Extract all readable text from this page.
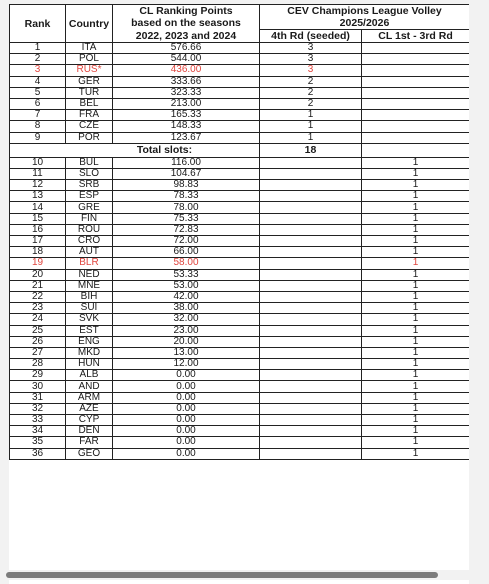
Rank	Country	CL Ranking Points	CEV Champions League Volley	
		based on the seasons	2025/2026	
		2022, 2023 and 2024	4th Rd (seeded)	CL 1st - 3rd Rd
1	ITA	576.66	3	
2	POL	544.00	3	
3	RUS*	436.00	3	
4	GER	333.66	2	
5	TUR	323.33	2	
6	BEL	213.00	2	
7	FRA	165.33	1	
8	CZE	148.33	1	
9	POR	123.67	1	
Total slots:			18	
10	BUL	116.00		1
11	SLO	104.67		1
12	SRB	98.83		1
13	ESP	78.33		1
14	GRE	78.00		1
15	FIN	75.33		1
16	ROU	72.83		1
17	CRO	72.00		1
18	AUT	66.00		1
19	BLR	58.00		1
20	NED	53.33		1
21	MNE	53.00		1
22	BIH	42.00		1
23	SUI	38.00		1
24	SVK	32.00		1
25	EST	23.00		1
26	ENG	20.00		1
27	MKD	13.00		1
28	HUN	12.00		1
29	ALB	0.00		1
30	AND	0.00		1
31	ARM	0.00		1
32	AZE	0.00		1
33	CYP	0.00		1
34	DEN	0.00		1
35	FAR	0.00		1
36	GEO	0.00		1
